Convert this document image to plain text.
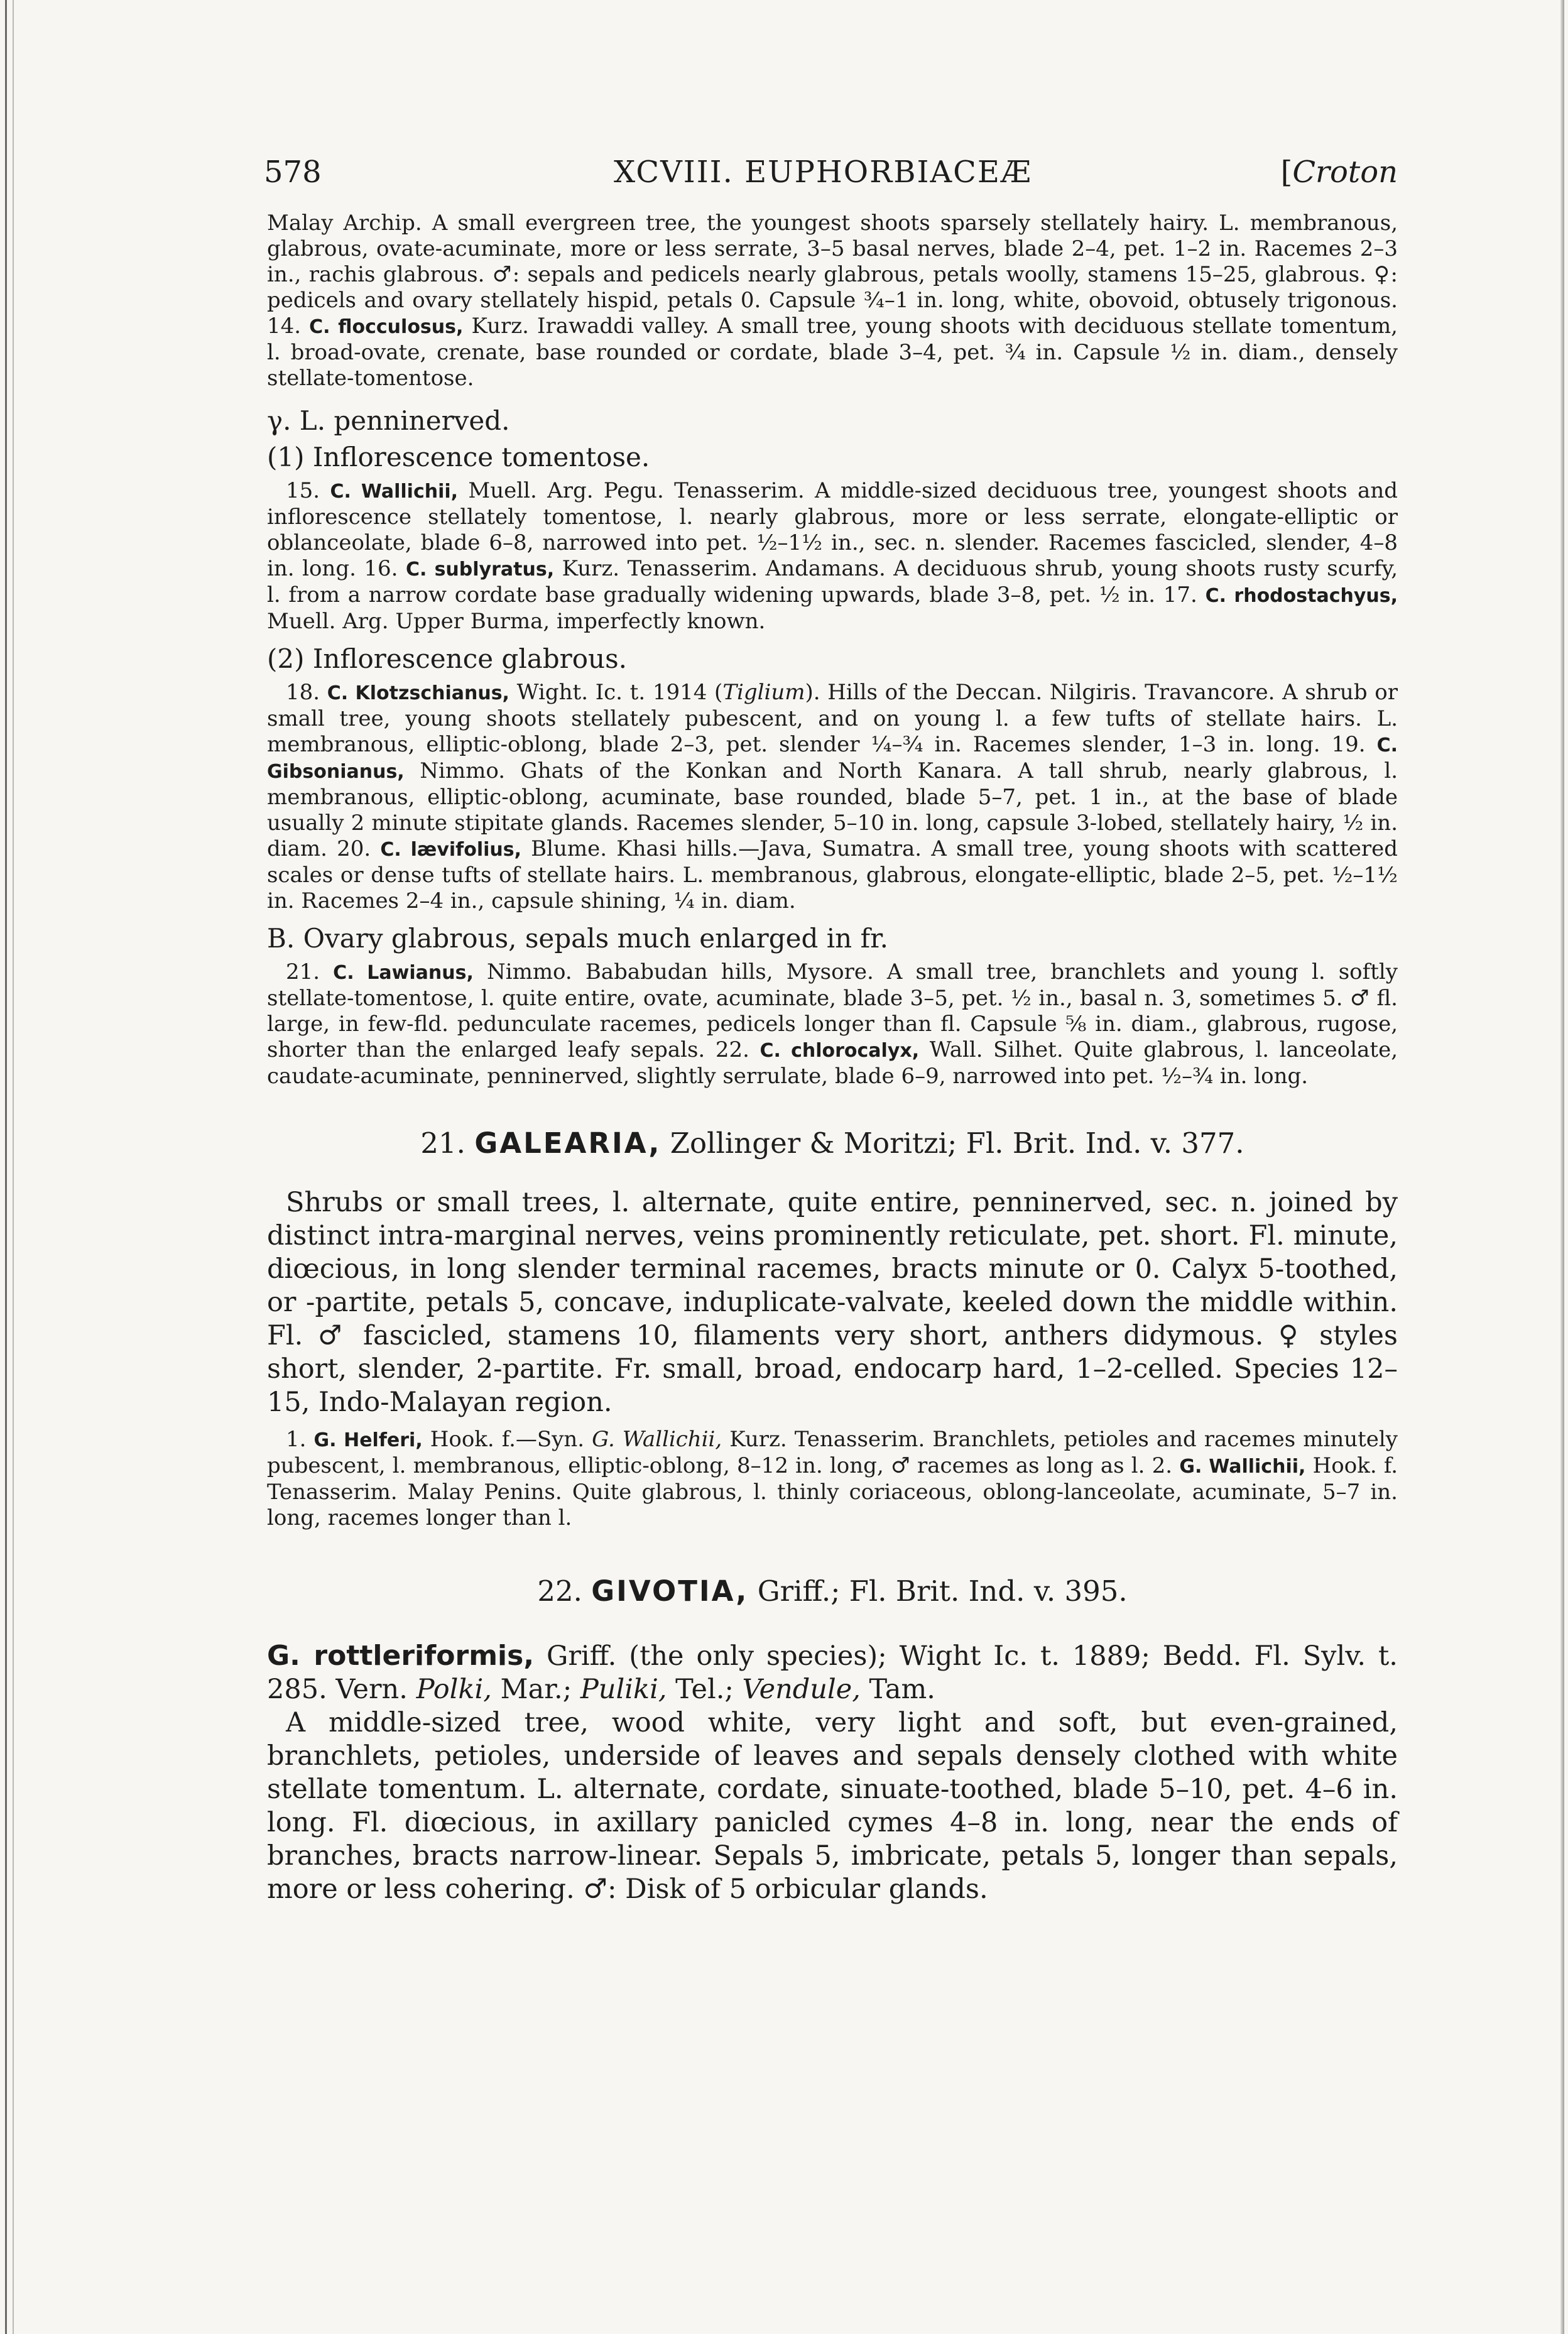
578	XCVIII. EUPHORBIACEÆ	[ Croton

Malay Archip. A small evergreen tree, the youngest shoots sparsely stellately hairy. L. membranous, glabrous, ovate-acuminate, more or less serrate, 3–5 basal nerves, blade 2–4, pet. 1–2 in. Racemes 2–3 in., rachis glabrous. ♂: sepals and pedicels nearly glabrous, petals woolly, stamens 15–25, glabrous. ♀: pedicels and ovary stellately hispid, petals 0. Capsule ¾–1 in. long, white, obovoid, obtusely trigonous. 14. C. flocculosus, Kurz. Irawaddi valley. A small tree, young shoots with deciduous stellate tomentum, l. broad-ovate, crenate, base rounded or cordate, blade 3–4, pet. ¾ in. Capsule ½ in. diam., densely stellate-tomentose.

γ. L. penninerved.

(1) Inflorescence tomentose.

15. C. Wallichii, Muell. Arg. Pegu. Tenasserim. A middle-sized deciduous tree, youngest shoots and inflorescence stellately tomentose, l. nearly glabrous, more or less serrate, elongate-elliptic or oblanceolate, blade 6–8, narrowed into pet. ½–1½ in., sec. n. slender. Racemes fascicled, slender, 4–8 in. long. 16. C. sublyratus, Kurz. Tenasserim. Andamans. A deciduous shrub, young shoots rusty scurfy, l. from a narrow cordate base gradually widening upwards, blade 3–8, pet. ½ in. 17. C. rhodostachyus, Muell. Arg. Upper Burma, imperfectly known.

(2) Inflorescence glabrous.

18. C. Klotzschianus, Wight. Ic. t. 1914 (Tiglium). Hills of the Deccan. Nilgiris. Travancore. A shrub or small tree, young shoots stellately pubescent, and on young l. a few tufts of stellate hairs. L. membranous, elliptic-oblong, blade 2–3, pet. slender ¼–¾ in. Racemes slender, 1–3 in. long. 19. C. Gibsonianus, Nimmo. Ghats of the Konkan and North Kanara. A tall shrub, nearly glabrous, l. membranous, elliptic-oblong, acuminate, base rounded, blade 5–7, pet. 1 in., at the base of blade usually 2 minute stipitate glands. Racemes slender, 5–10 in. long, capsule 3-lobed, stellately hairy, ½ in. diam. 20. C. lævifolius, Blume. Khasi hills.—Java, Sumatra. A small tree, young shoots with scattered scales or dense tufts of stellate hairs. L. membranous, glabrous, elongate-elliptic, blade 2–5, pet. ½–1½ in. Racemes 2–4 in., capsule shining, ¼ in. diam.

B. Ovary glabrous, sepals much enlarged in fr.

21. C. Lawianus, Nimmo. Bababudan hills, Mysore. A small tree, branchlets and young l. softly stellate-tomentose, l. quite entire, ovate, acuminate, blade 3–5, pet. ½ in., basal n. 3, sometimes 5. ♂ fl. large, in few-fld. pedunculate racemes, pedicels longer than fl. Capsule ⅝ in. diam., glabrous, rugose, shorter than the enlarged leafy sepals. 22. C. chlorocalyx, Wall. Silhet. Quite glabrous, l. lanceolate, caudate-acuminate, penninerved, slightly serrulate, blade 6–9, narrowed into pet. ½–¾ in. long.

21. GALEARIA, Zollinger & Moritzi; Fl. Brit. Ind. v. 377.

Shrubs or small trees, l. alternate, quite entire, penninerved, sec. n. joined by distinct intra-marginal nerves, veins prominently reticulate, pet. short. Fl. minute, diœcious, in long slender terminal racemes, bracts minute or 0. Calyx 5-toothed, or -partite, petals 5, concave, induplicate-valvate, keeled down the middle within. Fl. ♂ fascicled, stamens 10, filaments very short, anthers didymous. ♀ styles short, slender, 2-partite. Fr. small, broad, endocarp hard, 1–2-celled. Species 12–15, Indo-Malayan region.

1. G. Helferi, Hook. f.—Syn. G. Wallichii, Kurz. Tenasserim. Branchlets, petioles and racemes minutely pubescent, l. membranous, elliptic-oblong, 8–12 in. long, ♂ racemes as long as l. 2. G. Wallichii, Hook. f. Tenasserim. Malay Penins. Quite glabrous, l. thinly coriaceous, oblong-lanceolate, acuminate, 5–7 in. long, racemes longer than l.

22. GIVOTIA, Griff.; Fl. Brit. Ind. v. 395.

G. rottleriformis, Griff. (the only species); Wight Ic. t. 1889; Bedd. Fl. Sylv. t. 285. Vern. Polki, Mar.; Puliki, Tel.; Vendule, Tam.

A middle-sized tree, wood white, very light and soft, but even-grained, branchlets, petioles, underside of leaves and sepals densely clothed with white stellate tomentum. L. alternate, cordate, sinuate-toothed, blade 5–10, pet. 4–6 in. long. Fl. diœcious, in axillary panicled cymes 4–8 in. long, near the ends of branches, bracts narrow-linear. Sepals 5, imbricate, petals 5, longer than sepals, more or less cohering. ♂: Disk of 5 orbicular glands.
